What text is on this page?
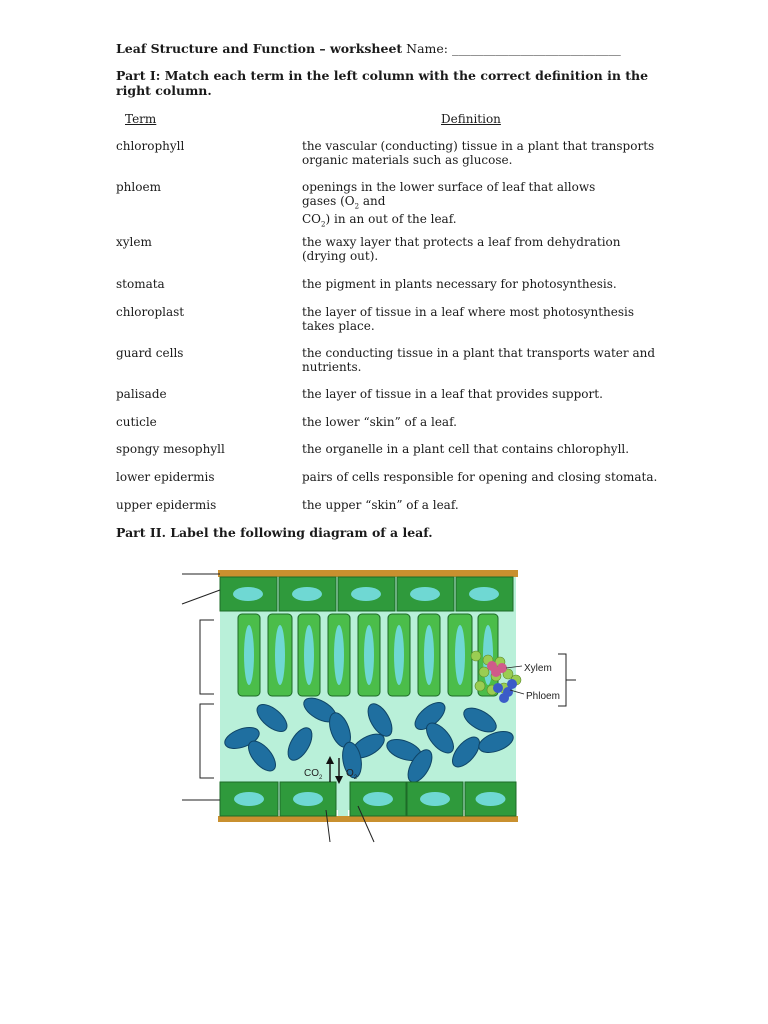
Leaf Structure and Function – worksheet Name: ___________________________
Part I: Match each term in the left column with the correct definition in the right column.
Term	Definition
chlorophyll	the vascular (conducting) tissue in a plant that transports organic materials such as glucose.
phloem	openings in the lower surface of leaf that allows
gases ($O_2$ and
$CO_2$) in an out of the leaf.
xylem	the waxy layer that protects a leaf from dehydration (drying out).
stomata	the pigment in plants necessary for photosynthesis.
chloroplast	the layer of tissue in a leaf where most photosynthesis takes place.
guard cells	the conducting tissue in a plant that transports water and nutrients.
palisade	the layer of tissue in a leaf that provides support.
cuticle	the lower “skin” of a leaf.
spongy mesophyll	the organelle in a plant cell that contains chlorophyll.
lower epidermis	pairs of cells responsible for opening and closing stomata.
upper epidermis	the upper “skin” of a leaf.
Part II. Label the following diagram of a leaf.
Xylem
Phloem
$CO_2$ $O_2$
